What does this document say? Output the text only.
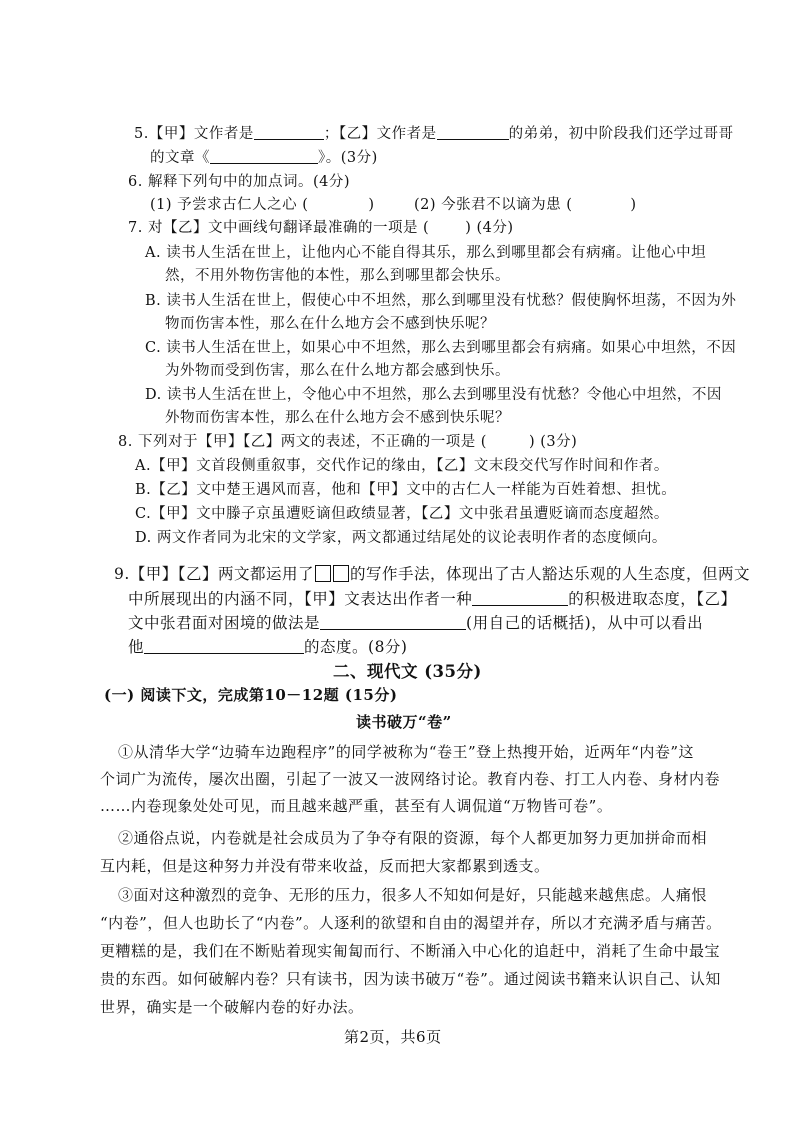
5.【甲】文作者是	；【乙】文作者是	的弟弟，初中阶段我们还学过哥哥
的文章《	》。(3分)
6. 解释下列句中的加点词。(4分)
(1) 予尝求古仁人之心 (	)	(2) 今张君不以谪为患 (	)
7. 对【乙】文中画线句翻译最准确的一项是 ( ) (4分)
A. 读书人生活在世上，让他内心不能自得其乐，那么到哪里都会有病痛。让他心中坦
然，不用外物伤害他的本性，那么到哪里都会快乐。
B. 读书人生活在世上，假使心中不坦然，那么到哪里没有忧愁？假使胸怀坦荡，不因为外
物而伤害本性，那么在什么地方会不感到快乐呢？
C. 读书人生活在世上，如果心中不坦然，那么去到哪里都会有病痛。如果心中坦然，不因
为外物而受到伤害，那么在什么地方都会感到快乐。
D. 读书人生活在世上，令他心中不坦然，那么去到哪里没有忧愁？令他心中坦然，不因
外物而伤害本性，那么在什么地方会不感到快乐呢？
8. 下列对于【甲】【乙】两文的表述，不正确的一项是 (	) (3分)
A.【甲】文首段侧重叙事，交代作记的缘由，【乙】文末段交代写作时间和作者。
B.【乙】文中楚王遇风而喜，他和【甲】文中的古仁人一样能为百姓着想、担忧。
C.【甲】文中滕子京虽遭贬谪但政绩显著，【乙】文中张君虽遭贬谪而态度超然。
D. 两文作者同为北宋的文学家，两文都通过结尾处的议论表明作者的态度倾向。
9.【甲】【乙】两文都运用了 的写作手法，体现出了古人豁达乐观的人生态度，但两文
中所展现出的内涵不同，【甲】文表达出作者一种	的积极进取态度，【乙】
文中张君面对困境的做法是	(用自己的话概括)，从中可以看出
他	的态度。(8分)
二、现代文 (35分)
(一) 阅读下文，完成第10－12题 (15分)
读书破万“卷”
①从清华大学“边骑车边跑程序”的同学被称为“卷王”登上热搜开始，近两年“内卷”这
个词广为流传，屡次出圈，引起了一波又一波网络讨论。教育内卷、打工人内卷、身材内卷
……内卷现象处处可见，而且越来越严重，甚至有人调侃道“万物皆可卷”。
②通俗点说，内卷就是社会成员为了争夺有限的资源，每个人都更加努力更加拼命而相
互内耗，但是这种努力并没有带来收益，反而把大家都累到透支。
③面对这种激烈的竞争、无形的压力，很多人不知如何是好，只能越来越焦虑。人痛恨
“内卷”，但人也助长了“内卷”。人逐利的欲望和自由的渴望并存，所以才充满矛盾与痛苦。
更糟糕的是，我们在不断贴着现实匍匐而行、不断涌入中心化的追赶中，消耗了生命中最宝
贵的东西。如何破解内卷？只有读书，因为读书破万“卷”。通过阅读书籍来认识自己、认知
世界，确实是一个破解内卷的好办法。
第2页，共6页
